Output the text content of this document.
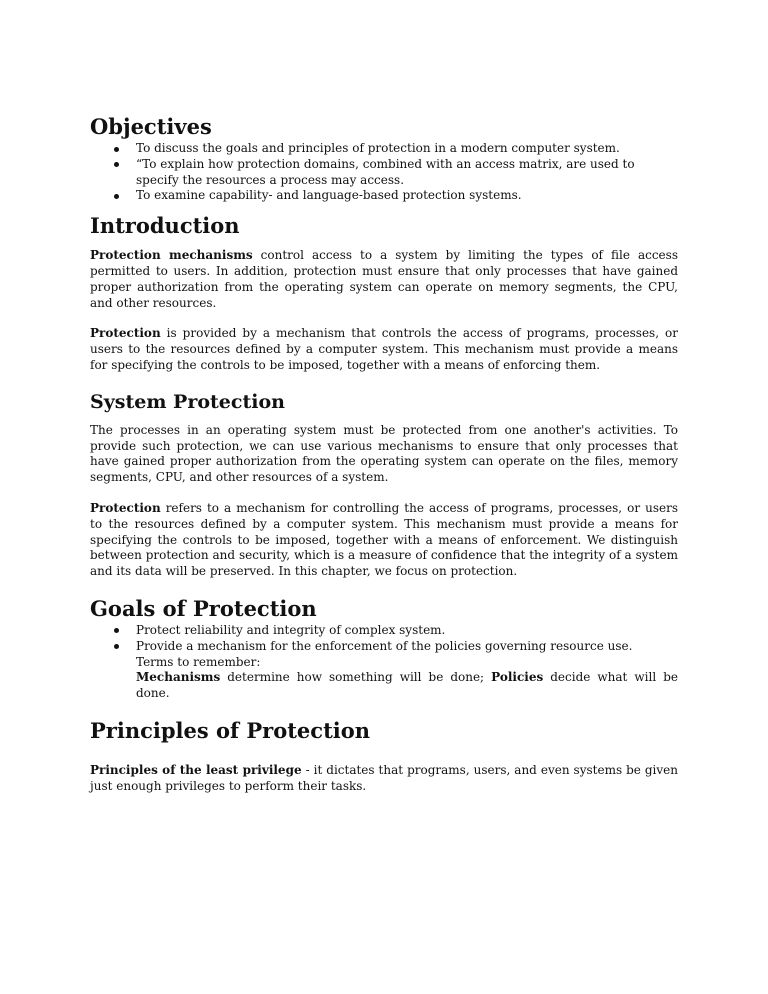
Objectives
To discuss the goals and principles of protection in a modern computer system.
“To explain how protection domains, combined with an access matrix, are used to specify the resources a process may access.
To examine capability- and language-based protection systems.
Introduction

Protection mechanisms control access to a system by limiting the types of file access permitted to users. In addition, protection must ensure that only processes that have gained proper authorization from the operating system can operate on memory segments, the CPU, and other resources.

Protection is provided by a mechanism that controls the access of programs, processes, or users to the resources defined by a computer system. This mechanism must provide a means for specifying the controls to be imposed, together with a means of enforcing them.

System Protection

The processes in an operating system must be protected from one another's activities. To provide such protection, we can use various mechanisms to ensure that only processes that have gained proper authorization from the operating system can operate on the files, memory segments, CPU, and other resources of a system.

Protection refers to a mechanism for controlling the access of programs, processes, or users to the resources defined by a computer system. This mechanism must provide a means for specifying the controls to be imposed, together with a means of enforcement. We distinguish between protection and security, which is a measure of confidence that the integrity of a system and its data will be preserved. In this chapter, we focus on protection.

Goals of Protection
Protect reliability and integrity of complex system.
Provide a mechanism for the enforcement of the policies governing resource use.
Terms to remember:
Mechanisms determine how something will be done; Policies decide what will be done.
Principles of Protection

Principles of the least privilege - it dictates that programs, users, and even systems be given just enough privileges to perform their tasks.
